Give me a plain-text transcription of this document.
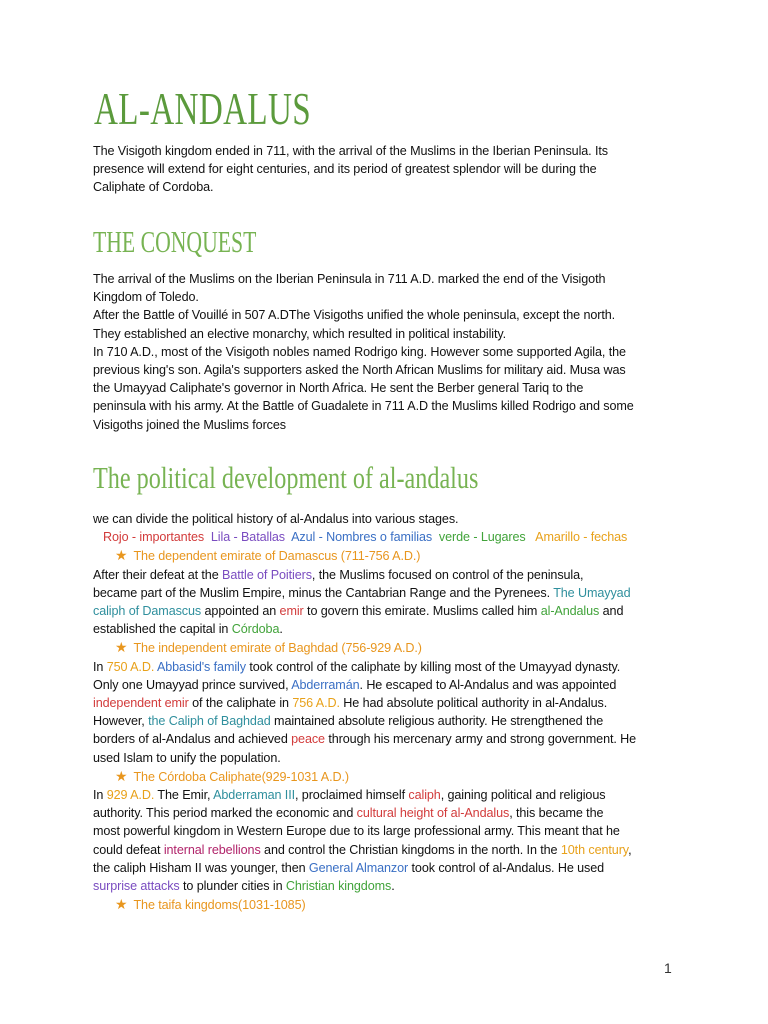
AL-ANDALUS

The Visigoth kingdom ended in 711, with the arrival of the Muslims in the Iberian Peninsula. Its

presence will extend for eight centuries, and its period of greatest splendor will be during the

Caliphate of Cordoba.

THE CONQUEST

The arrival of the Muslims on the Iberian Peninsula in 711 A.D. marked the end of the Visigoth

Kingdom of Toledo.

After the Battle of Vouillé in 507 A.DThe Visigoths unified the whole peninsula, except the north.

They established an elective monarchy, which resulted in political instability.

In 710 A.D., most of the Visigoth nobles named Rodrigo king. However some supported Agila, the

previous king's son. Agila's supporters asked the North African Muslims for military aid. Musa was

the Umayyad Caliphate's governor in North Africa. He sent the Berber general Tariq to the

peninsula with his army. At the Battle of Guadalete in 711 A.D the Muslims killed Rodrigo and some

Visigoths joined the Muslims forces

The political development of al-andalus

we can divide the political history of al-Andalus into various stages.

Rojo - importantes Lila - Batallas Azul - Nombres o familias verde - Lugares Amarillo - fechas

★ The dependent emirate of Damascus (711-756 A.D.)

After their defeat at the Battle of Poitiers, the Muslims focused on control of the peninsula,

became part of the Muslim Empire, minus the Cantabrian Range and the Pyrenees. The Umayyad

caliph of Damascus appointed an emir to govern this emirate. Muslims called him al-Andalus and

established the capital in Córdoba.

★ The independent emirate of Baghdad (756-929 A.D.)

In 750 A.D. Abbasid's family took control of the caliphate by killing most of the Umayyad dynasty.

Only one Umayyad prince survived, Abderramán. He escaped to Al-Andalus and was appointed

independent emir of the caliphate in 756 A.D. He had absolute political authority in al-Andalus.

However, the Caliph of Baghdad maintained absolute religious authority. He strengthened the

borders of al-Andalus and achieved peace through his mercenary army and strong government. He

used Islam to unify the population.

★ The Córdoba Caliphate(929-1031 A.D.)

In 929 A.D. The Emir, Abderraman III, proclaimed himself caliph, gaining political and religious

authority. This period marked the economic and cultural height of al-Andalus, this became the

most powerful kingdom in Western Europe due to its large professional army. This meant that he

could defeat internal rebellions and control the Christian kingdoms in the north. In the 10th century,

the caliph Hisham II was younger, then General Almanzor took control of al-Andalus. He used

surprise attacks to plunder cities in Christian kingdoms.

★ The taifa kingdoms(1031-1085)

1
